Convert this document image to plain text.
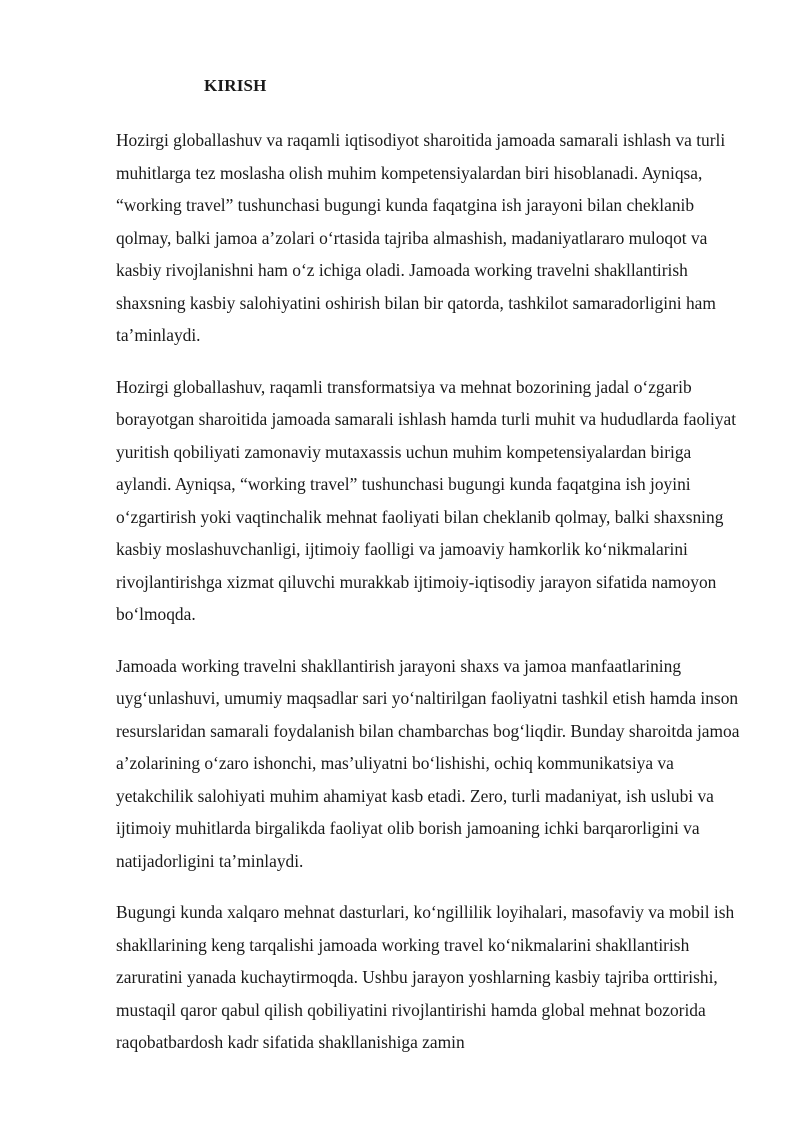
KIRISH

Hozirgi globallashuv va raqamli iqtisodiyot sharoitida jamoada samarali ishlash va turli muhitlarga tez moslasha olish muhim kompetensiyalardan biri hisoblanadi. Ayniqsa, “working travel” tushunchasi bugungi kunda faqatgina ish jarayoni bilan cheklanib qolmay, balki jamoa a’zolari oʻrtasida tajriba almashish, madaniyatlararo muloqot va kasbiy rivojlanishni ham oʻz ichiga oladi. Jamoada working travelni shakllantirish shaxsning kasbiy salohiyatini oshirish bilan bir qatorda, tashkilot samaradorligini ham ta’minlaydi.

Hozirgi globallashuv, raqamli transformatsiya va mehnat bozorining jadal oʻzgarib borayotgan sharoitida jamoada samarali ishlash hamda turli muhit va hududlarda faoliyat yuritish qobiliyati zamonaviy mutaxassis uchun muhim kompetensiyalardan biriga aylandi. Ayniqsa, “working travel” tushunchasi bugungi kunda faqatgina ish joyini oʻzgartirish yoki vaqtinchalik mehnat faoliyati bilan cheklanib qolmay, balki shaxsning kasbiy moslashuvchanligi, ijtimoiy faolligi va jamoaviy hamkorlik koʻnikmalarini rivojlantirishga xizmat qiluvchi murakkab ijtimoiy-iqtisodiy jarayon sifatida namoyon boʻlmoqda.

Jamoada working travelni shakllantirish jarayoni shaxs va jamoa manfaatlarining uygʻunlashuvi, umumiy maqsadlar sari yoʻnaltirilgan faoliyatni tashkil etish hamda inson resurslaridan samarali foydalanish bilan chambarchas bogʻliqdir. Bunday sharoitda jamoa a’zolarining oʻzaro ishonchi, mas’uliyatni boʻlishishi, ochiq kommunikatsiya va yetakchilik salohiyati muhim ahamiyat kasb etadi. Zero, turli madaniyat, ish uslubi va ijtimoiy muhitlarda birgalikda faoliyat olib borish jamoaning ichki barqarorligini va natijadorligini ta’minlaydi.

Bugungi kunda xalqaro mehnat dasturlari, koʻngillilik loyihalari, masofaviy va mobil ish shakllarining keng tarqalishi jamoada working travel koʻnikmalarini shakllantirish zaruratini yanada kuchaytirmoqda. Ushbu jarayon yoshlarning kasbiy tajriba orttirishi, mustaqil qaror qabul qilish qobiliyatini rivojlantirishi hamda global mehnat bozorida raqobatbardosh kadr sifatida shakllanishiga zamin
